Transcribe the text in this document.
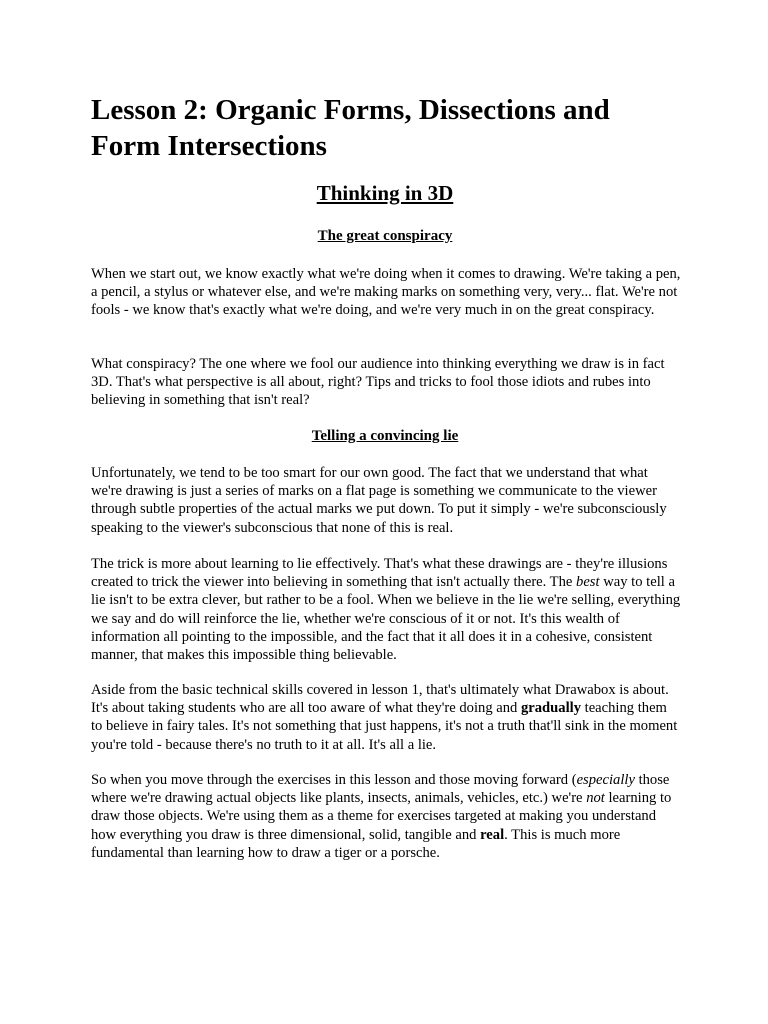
Lesson 2: Organic Forms, Dissections and Form Intersections
Thinking in 3D
The great conspiracy

When we start out, we know exactly what we're doing when it comes to drawing. We're taking a pen, a pencil, a stylus or whatever else, and we're making marks on something very, very... flat. We're not fools - we know that's exactly what we're doing, and we're very much in on the great conspiracy.

What conspiracy? The one where we fool our audience into thinking everything we draw is in fact 3D. That's what perspective is all about, right? Tips and tricks to fool those idiots and rubes into believing in something that isn't real?

Telling a convincing lie

Unfortunately, we tend to be too smart for our own good. The fact that we understand that what we're drawing is just a series of marks on a flat page is something we communicate to the viewer through subtle properties of the actual marks we put down. To put it simply - we're subconsciously speaking to the viewer's subconscious that none of this is real.

The trick is more about learning to lie effectively. That's what these drawings are - they're illusions created to trick the viewer into believing in something that isn't actually there. The best way to tell a lie isn't to be extra clever, but rather to be a fool. When we believe in the lie we're selling, everything we say and do will reinforce the lie, whether we're conscious of it or not. It's this wealth of information all pointing to the impossible, and the fact that it all does it in a cohesive, consistent manner, that makes this impossible thing believable.

Aside from the basic technical skills covered in lesson 1, that's ultimately what Drawabox is about. It's about taking students who are all too aware of what they're doing and gradually teaching them to believe in fairy tales. It's not something that just happens, it's not a truth that'll sink in the moment you're told - because there's no truth to it at all. It's all a lie.

So when you move through the exercises in this lesson and those moving forward (especially those where we're drawing actual objects like plants, insects, animals, vehicles, etc.) we're not learning to draw those objects. We're using them as a theme for exercises targeted at making you understand how everything you draw is three dimensional, solid, tangible and real. This is much more fundamental than learning how to draw a tiger or a porsche.
